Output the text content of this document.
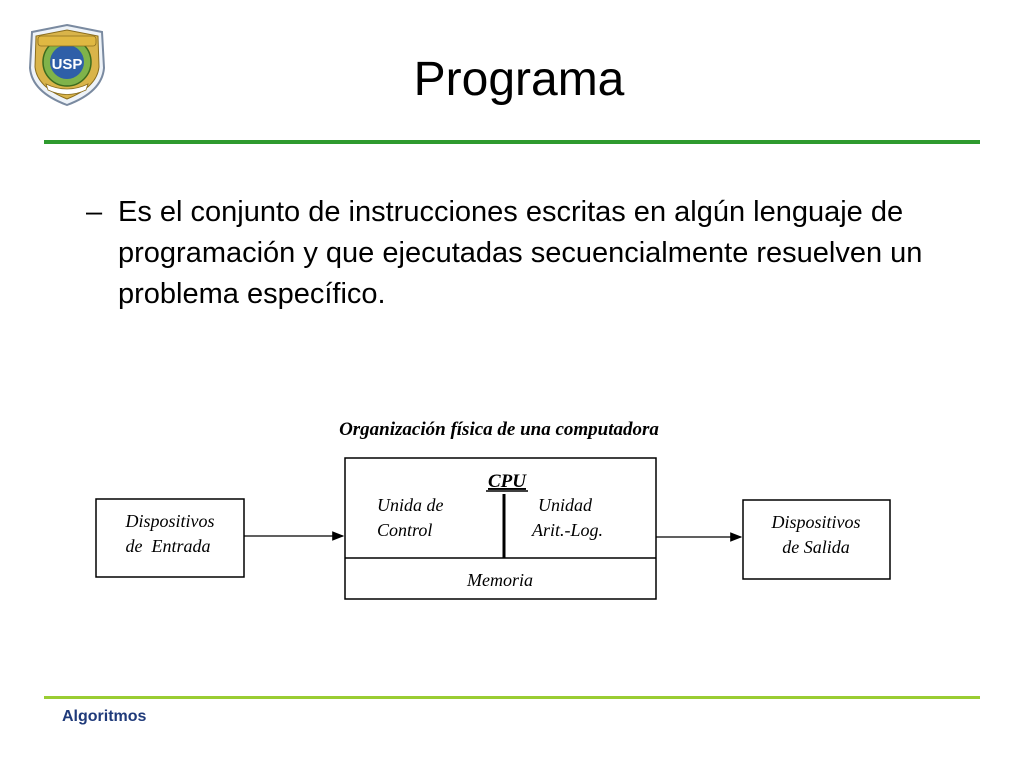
USP	Programa
– Es el conjunto de instrucciones escritas en algún lenguaje de programación y que ejecutadas secuencialmente resuelven un problema específico.
Organización física de una computadora
Dispositivos
de  Entrada
CPU
Unida de
Control
Unidad
Arit.-Log.
Memoria
Dispositivos
de Salida
Algoritmos
